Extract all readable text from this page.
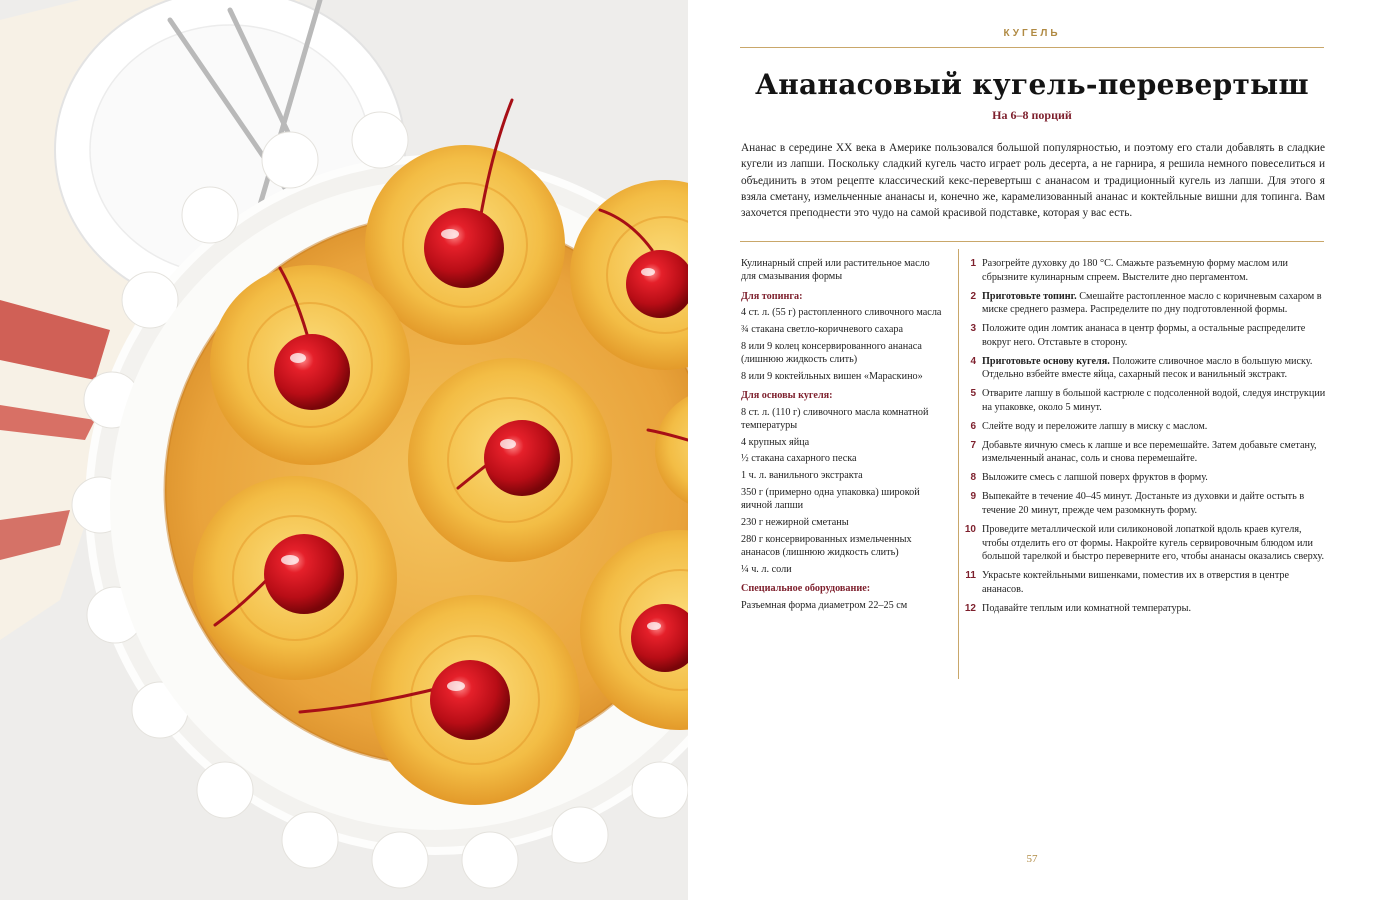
КУГЕЛЬ
Ананасовый кугель-перевертыш
На 6–8 порций
Ананас в середине XX века в Америке пользовался большой популярностью, и поэтому его стали добавлять в сладкие кугели из лапши. Поскольку сладкий кугель часто играет роль десерта, а не гарнира, я решила немного повеселиться и объединить в этом рецепте классический кекс-перевертыш с ананасом и традиционный кугель из лапши. Для этого я взяла сметану, измельченные ананасы и, конечно же, карамелизованный ананас и коктейльные вишни для топинга. Вам захочется преподнести это чудо на самой красивой подставке, которая у вас есть.
Кулинарный спрей или растительное масло для смазывания формы
Для топинга:
4 ст. л. (55 г) растопленного сливочного масла
¾ стакана светло-коричневого сахара
8 или 9 колец консервированного ананаса (лишнюю жидкость слить)
8 или 9 коктейльных вишен «Мараскино»
Для основы кугеля:
8 ст. л. (110 г) сливочного масла комнатной температуры
4 крупных яйца
½ стакана сахарного песка
1 ч. л. ванильного экстракта
350 г (примерно одна упаковка) широкой яичной лапши
230 г нежирной сметаны
280 г консервированных измельченных ананасов (лишнюю жидкость слить)
¼ ч. л. соли
Специальное оборудование:
Разъемная форма диаметром 22–25 см
1 Разогрейте духовку до 180 °С. Смажьте разъемную форму маслом или сбрызните кулинарным спреем. Выстелите дно пергаментом.
2 Приготовьте топинг. Смешайте растопленное масло с коричневым сахаром в миске среднего размера. Распределите по дну подготовленной формы.
3 Положите один ломтик ананаса в центр формы, а остальные распределите вокруг него. Отставьте в сторону.
4 Приготовьте основу кугеля. Положите сливочное масло в большую миску. Отдельно взбейте вместе яйца, сахарный песок и ванильный экстракт.
5 Отварите лапшу в большой кастрюле с подсоленной водой, следуя инструкции на упаковке, около 5 минут.
6 Слейте воду и переложите лапшу в миску с маслом.
7 Добавьте яичную смесь к лапше и все перемешайте. Затем добавьте сметану, измельченный ананас, соль и снова перемешайте.
8 Выложите смесь с лапшой поверх фруктов в форму.
9 Выпекайте в течение 40–45 минут. Достаньте из духовки и дайте остыть в течение 20 минут, прежде чем разомкнуть форму.
10 Проведите металлической или силиконовой лопаткой вдоль краев кугеля, чтобы отделить его от формы. Накройте кугель сервировочным блюдом или большой тарелкой и быстро переверните его, чтобы ананасы оказались сверху.
11 Украсьте коктейльными вишенками, поместив их в отверстия в центре ананасов.
12 Подавайте теплым или комнатной температуры.
57
